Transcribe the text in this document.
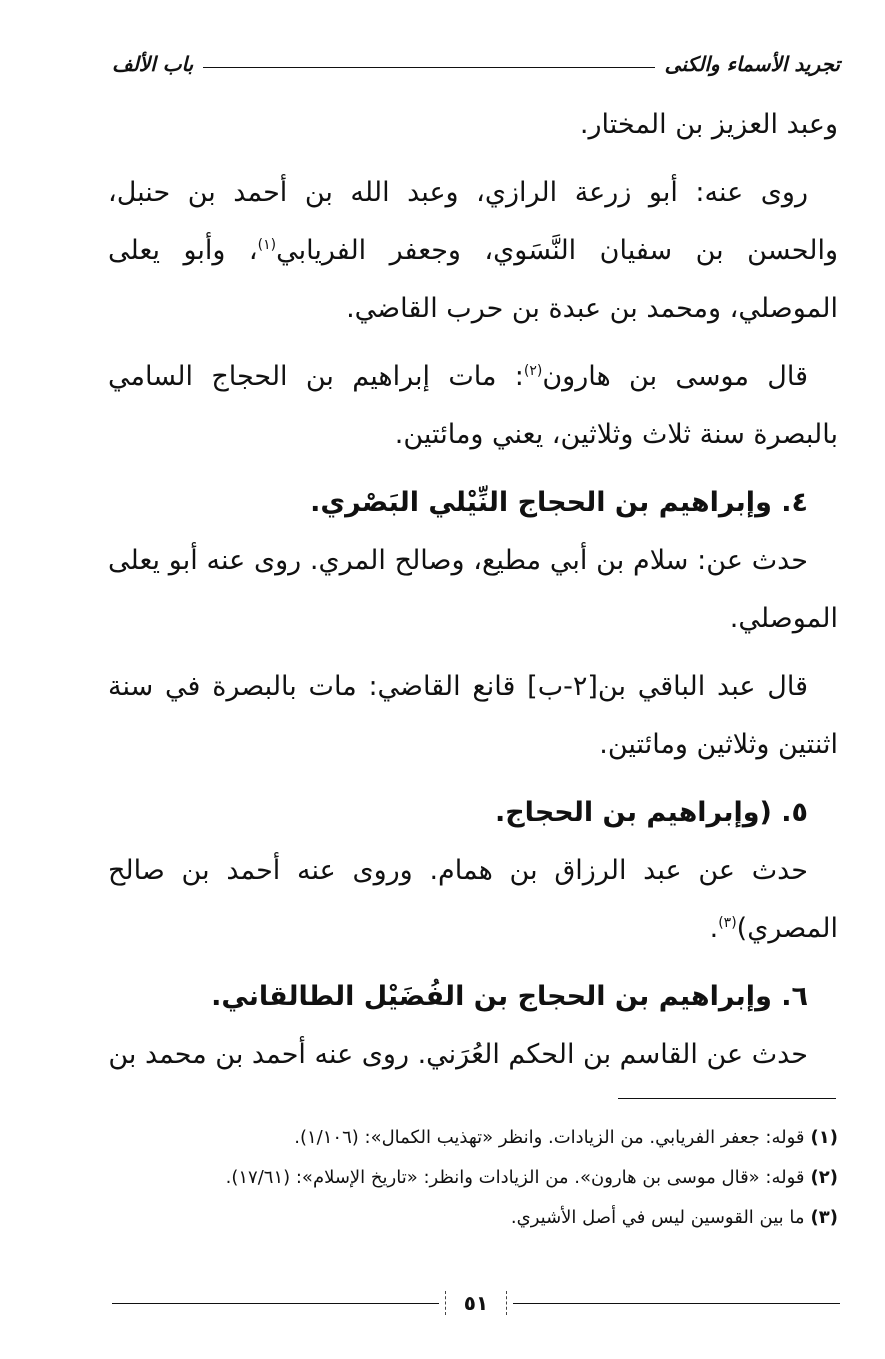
تجريد الأسماء والكنى
باب الألف

وعبد العزيز بن المختار.

روى عنه: أبو زرعة الرازي، وعبد الله بن أحمد بن حنبل، والحسن بن سفيان النَّسَوي، وجعفر الفريابي$^{(١)}$، وأبو يعلى الموصلي، ومحمد بن عبدة بن حرب القاضي.

قال موسى بن هارون$^{(٢)}$: مات إبراهيم بن الحجاج السامي بالبصرة سنة ثلاث وثلاثين، يعني ومائتين.

٤. وإبراهيم بن الحجاج النِّيْلي البَصْري.

حدث عن: سلام بن أبي مطيع، وصالح المري. روى عنه أبو يعلى الموصلي.

قال عبد الباقي بن[٢-ب] قانع القاضي: مات بالبصرة في سنة اثنتين وثلاثين ومائتين.

٥. (وإبراهيم بن الحجاج.

حدث عن عبد الرزاق بن همام. وروى عنه أحمد بن صالح المصري)$^{(٣)}$.

٦. وإبراهيم بن الحجاج بن الفُضَيْل الطالقاني.

حدث عن القاسم بن الحكم العُرَني. روى عنه أحمد بن محمد بن

(١)قوله: جعفر الفريابي. من الزيادات. وانظر «تهذيب الكمال»: (١/١٠٦).

(٢)قوله: «قال موسى بن هارون». من الزيادات وانظر: «تاريخ الإسلام»: (١٧/٦١).

(٣)ما بين القوسين ليس في أصل الأشيري.

٥١
